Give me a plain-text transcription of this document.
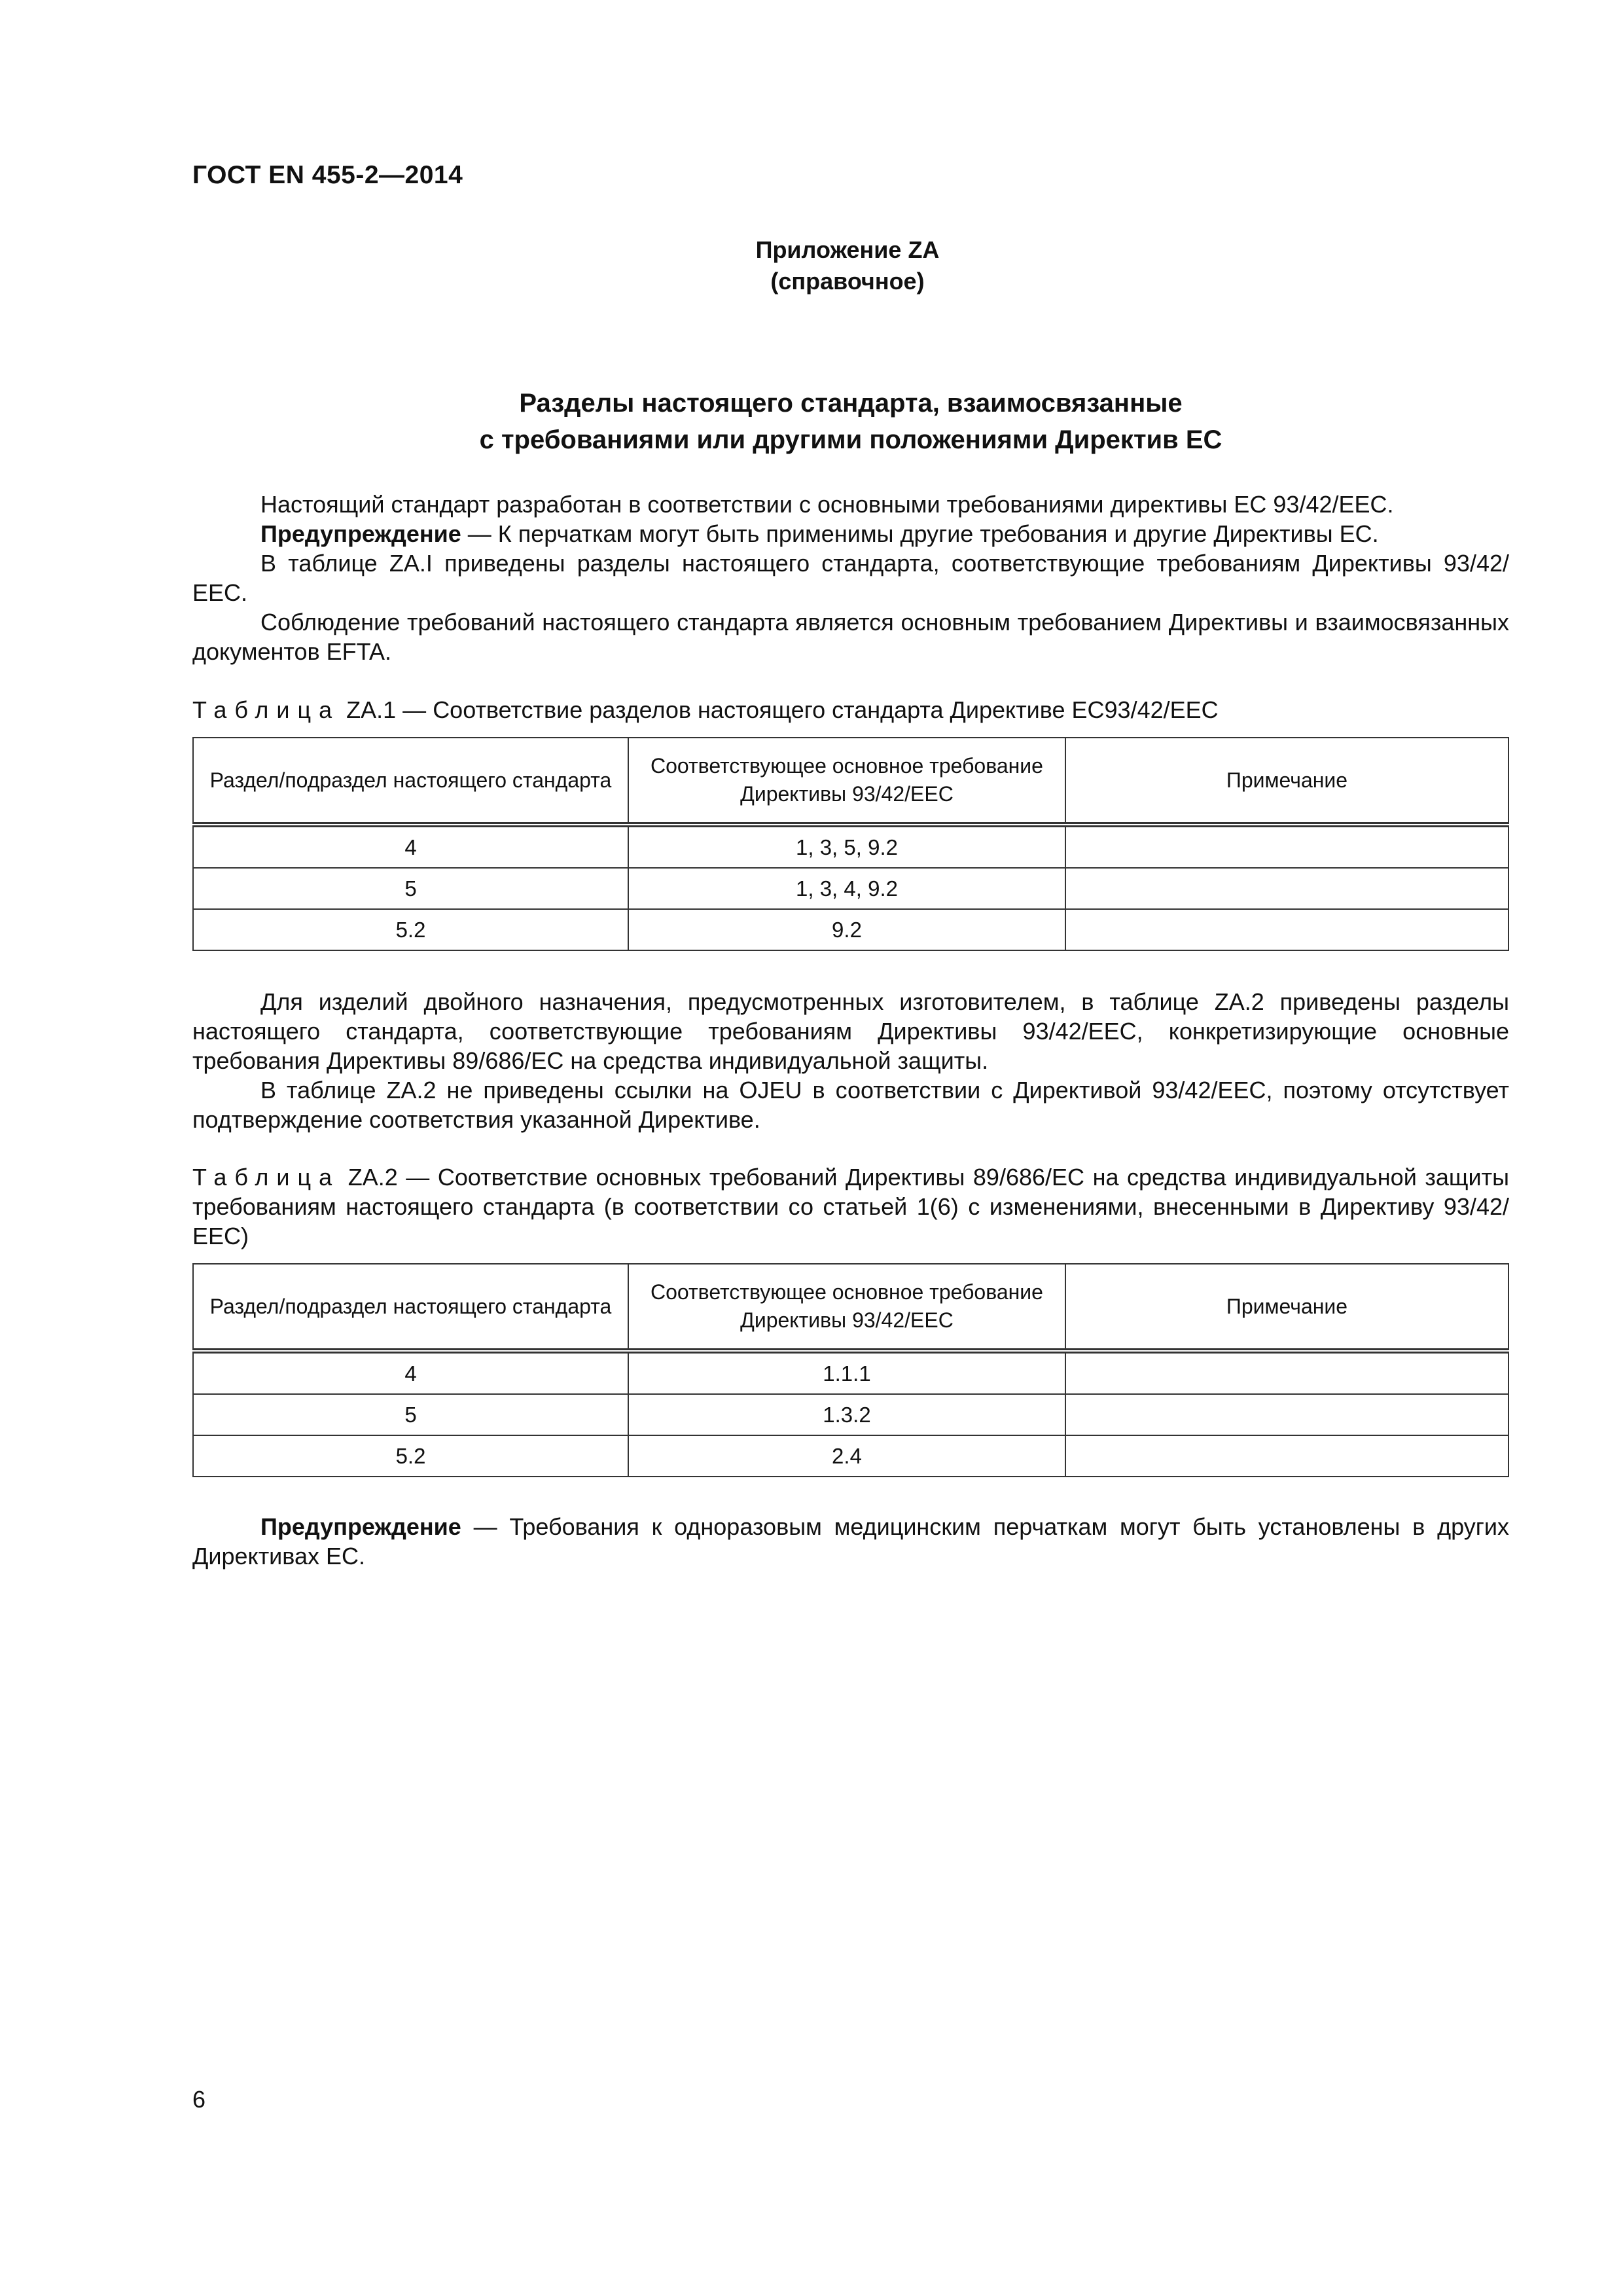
ГОСТ EN 455-2—2014
Приложение ZA
(справочное)
Разделы настоящего стандарта, взаимосвязанные
с требованиями или другими положениями Директив ЕС

Настоящий стандарт разработан в соответствии с основными требованиями директивы ЕС 93/42/ЕЕС.

Предупреждение — К перчаткам могут быть применимы другие требования и другие Директивы ЕС.

В таблице ZA.I приведены разделы настоящего стандарта, соответствующие требованиям Директивы 93/42/ЕЕС.

Соблюдение требований настоящего стандарта является основным требованием Директивы и взаимосвязанных документов EFTA.

Таблица ZA.1 — Соответствие разделов настоящего стандарта Директиве ЕС93/42/ЕЕС

Раздел/подраздел настоящего стандарта	Соответствующее основное требование Директивы 93/42/ЕЕС	Примечание
4	1, 3, 5, 9.2	
5	1, 3, 4, 9.2	
5.2	9.2	

Для изделий двойного назначения, предусмотренных изготовителем, в таблице ZA.2 приведены разделы настоящего стандарта, соответствующие требованиям Директивы 93/42/ЕЕС, конкретизирующие основные требования Директивы 89/686/ЕС на средства индивидуальной защиты.

В таблице ZA.2 не приведены ссылки на OJEU в соответствии с Директивой 93/42/ЕЕС, поэтому отсутствует подтверждение соответствия указанной Директиве.

Таблица ZA.2 — Соответствие основных требований Директивы 89/686/ЕС на средства индивидуальной защиты требованиям настоящего стандарта (в соответствии со статьей 1(6) с изменениями, внесенными в Директиву 93/42/ЕЕС)

Раздел/подраздел настоящего стандарта	Соответствующее основное требование Директивы 93/42/ЕЕС	Примечание
4	1.1.1	
5	1.3.2	
5.2	2.4	

Предупреждение — Требования к одноразовым медицинским перчаткам могут быть установлены в других Директивах ЕС.

6
